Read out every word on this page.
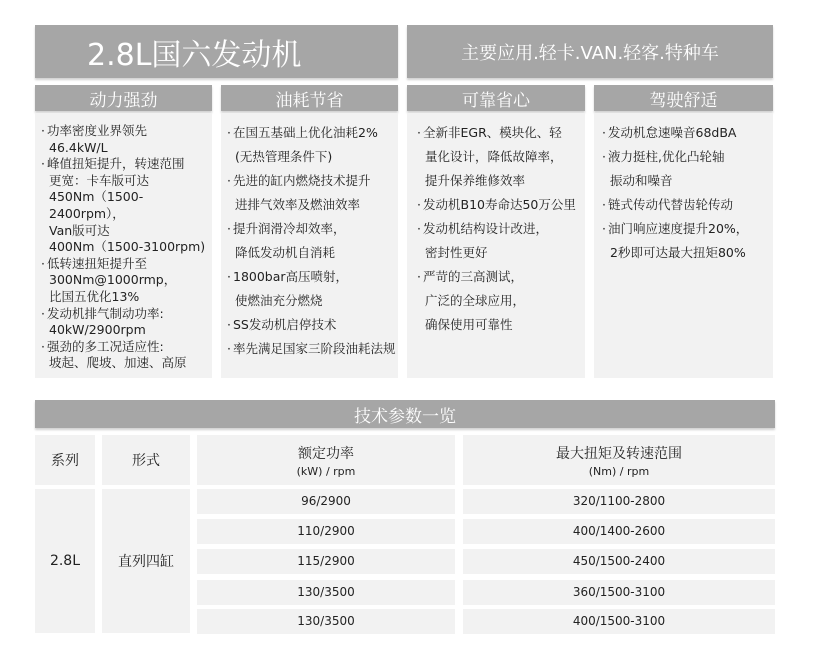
2.8L国六发动机	主要应用.轻卡.VAN.轻客.特种车
动力强劲	油耗节省	可靠省心	驾驶舒适
· 功率密度业界领先

46.4kW/L
· 峰值扭矩提升，转速范围

更宽：卡车版可达
450Nm（1500-
2400rpm），
Van版可达
400Nm（1500-3100rpm)
· 低转速扭矩提升至

300Nm@1000rmp，
比国五优化13%
· 发动机排气制动功率:

40kW/2900rpm
· 强劲的多工况适应性:

坡起、爬坡、加速、高原
· 在国五基础上优化油耗2%

(无热管理条件下)
· 先进的缸内燃烧技术提升

进排气效率及燃油效率
· 提升润滑冷却效率，

降低发动机自消耗
· 1800bar高压喷射，

使燃油充分燃烧
· SS发动机启停技术

· 率先满足国家三阶段油耗法规

· 全新非EGR、模块化、轻

量化设计，降低故障率，
提升保养维修效率
· 发动机B10寿命达50万公里

· 发动机结构设计改进，

密封性更好
· 严苛的三高测试，

广泛的全球应用，
确保使用可靠性
· 发动机怠速噪音68dBA

· 液力挺柱,优化凸轮轴

振动和噪音
· 链式传动代替齿轮传动

· 油门响应速度提升20%，

2秒即可达最大扭矩80%
技术参数一览
系列	形式	额定功率
(kW) / rpm
最大扭矩及转速范围
(Nm) / rpm
2.8L	直列四缸
96/2900	320/1100-2800
110/2900	400/1400-2600
115/2900	450/1500-2400
130/3500	360/1500-3100
130/3500	400/1500-3100
